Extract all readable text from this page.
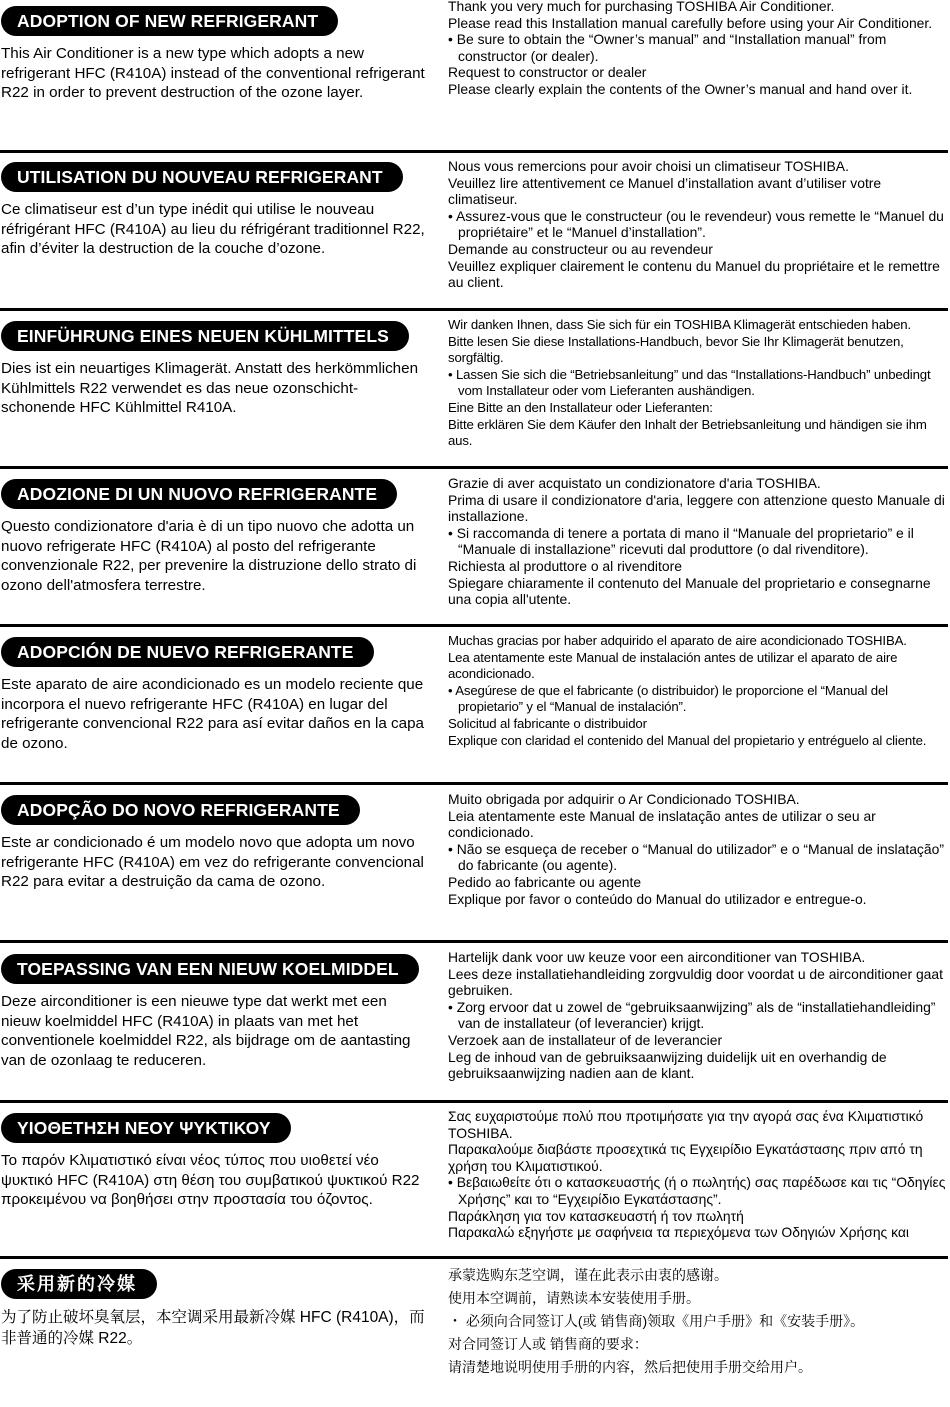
ADOPTION OF NEW REFRIGERANT
This Air Conditioner is a new type which adopts a new refrigerant HFC (R410A) instead of the conventional refrigerant R22 in order to prevent destruction of the ozone layer.
Thank you very much for purchasing TOSHIBA Air Conditioner.
Please read this Installation manual carefully before using your Air Conditioner.
• Be sure to obtain the “Owner’s manual” and “Installation manual” from constructor (or dealer).
Request to constructor or dealer
Please clearly explain the contents of the Owner’s manual and hand over it.
UTILISATION DU NOUVEAU REFRIGERANT
Ce climatiseur est d’un type inédit qui utilise le nouveau réfrigérant HFC (R410A) au lieu du réfrigérant traditionnel R22, afin d’éviter la destruction de la couche d’ozone.
Nous vous remercions pour avoir choisi un climatiseur TOSHIBA.
Veuillez lire attentivement ce Manuel d’installation avant d’utiliser votre climatiseur.
• Assurez-vous que le constructeur (ou le revendeur) vous remette le “Manuel du propriétaire” et le “Manuel d’installation”.
Demande au constructeur ou au revendeur
Veuillez expliquer clairement le contenu du Manuel du propriétaire et le remettre au client.
EINFÜHRUNG EINES NEUEN KÜHLMITTELS
Dies ist ein neuartiges Klimagerät. Anstatt des herkömmlichen Kühlmittels R22 verwendet es das neue ozonschicht-schonende HFC Kühlmittel R410A.
Wir danken Ihnen, dass Sie sich für ein TOSHIBA Klimagerät entschieden haben.
Bitte lesen Sie diese Installations-Handbuch, bevor Sie Ihr Klimagerät benutzen, sorgfältig.
• Lassen Sie sich die “Betriebsanleitung” und das “Installations-Handbuch” unbedingt vom Installateur oder vom Lieferanten aushändigen.
Eine Bitte an den Installateur oder Lieferanten:
Bitte erklären Sie dem Käufer den Inhalt der Betriebsanleitung und händigen sie ihm aus.
ADOZIONE DI UN NUOVO REFRIGERANTE
Questo condizionatore d'aria è di un tipo nuovo che adotta un nuovo refrigerate HFC (R410A) al posto del refrigerante convenzionale R22, per prevenire la distruzione dello strato di ozono dell'atmosfera terrestre.
Grazie di aver acquistato un condizionatore d'aria TOSHIBA.
Prima di usare il condizionatore d'aria, leggere con attenzione questo Manuale di installazione.
• Si raccomanda di tenere a portata di mano il “Manuale del proprietario” e il “Manuale di installazione” ricevuti dal produttore (o dal rivenditore).
Richiesta al produttore o al rivenditore
Spiegare chiaramente il contenuto del Manuale del proprietario e consegnarne una copia all'utente.
ADOPCIÓN DE NUEVO REFRIGERANTE
Este aparato de aire acondicionado es un modelo reciente que incorpora el nuevo refrigerante HFC (R410A) en lugar del refrigerante convencional R22 para así evitar daños en la capa de ozono.
Muchas gracias por haber adquirido el aparato de aire acondicionado TOSHIBA.
Lea atentamente este Manual de instalación antes de utilizar el aparato de aire acondicionado.
• Asegúrese de que el fabricante (o distribuidor) le proporcione el “Manual del propietario” y el “Manual de instalación”.
Solicitud al fabricante o distribuidor
Explique con claridad el contenido del Manual del propietario y entréguelo al cliente.
ADOPÇÃO DO NOVO REFRIGERANTE
Este ar condicionado é um modelo novo que adopta um novo refrigerante HFC (R410A) em vez do refrigerante convencional R22 para evitar a destruição da cama de ozono.
Muito obrigada por adquirir o Ar Condicionado TOSHIBA.
Leia atentamente este Manual de inslatação antes de utilizar o seu ar condicionado.
• Não se esqueça de receber o “Manual do utilizador” e o “Manual de inslatação” do fabricante (ou agente).
Pedido ao fabricante ou agente
Explique por favor o conteúdo do Manual do utilizador e entregue-o.
TOEPASSING VAN EEN NIEUW KOELMIDDEL
Deze airconditioner is een nieuwe type dat werkt met een nieuw koelmiddel HFC (R410A) in plaats van met het conventionele koelmiddel R22, als bijdrage om de aantasting van de ozonlaag te reduceren.
Hartelijk dank voor uw keuze voor een airconditioner van TOSHIBA.
Lees deze installatiehandleiding zorgvuldig door voordat u de airconditioner gaat gebruiken.
• Zorg ervoor dat u zowel de “gebruiksaanwijzing” als de “installatiehandleiding” van de installateur (of leverancier) krijgt.
Verzoek aan de installateur of de leverancier
Leg de inhoud van de gebruiksaanwijzing duidelijk uit en overhandig de gebruiksaanwijzing nadien aan de klant.
ΥΙΟΘΕΤΗΣΗ ΝΕΟΥ ΨΥΚΤΙΚΟΥ
Το παρόν Κλιματιστικό είναι νέος τύπος που υιοθετεί νέο ψυκτικό HFC (R410A) στη θέση του συμβατικού ψυκτικού R22 προκειμένου να βοηθήσει στην προστασία του όζοντος.
Σας ευχαριστούμε πολύ που προτιμήσατε για την αγορά σας ένα Κλιματιστικό TOSHIBA.
Παρακαλούμε διαβάστε προσεχτικά τις Εγχειρίδιο Εγκατάστασης πριν από τη χρήση του Κλιματιστικού.
• Βεβαιωθείτε ότι ο κατασκευαστής (ή ο πωλητής) σας παρέδωσε και τις “Οδηγίες Χρήσης” και το “Εγχειρίδιο Εγκατάστασης”.
Παράκληση για τον κατασκευαστή ή τον πωλητή
Παρακαλώ εξηγήστε με σαφήνεια τα περιεχόμενα των Οδηγιών Χρήσης και
采用新的冷媒
为了防止破坏臭氧层，本空调采用最新冷媒 HFC (R410A)，而非普通的冷媒 R22。
承蒙选购东芝空调，谨在此表示由衷的感谢。
使用本空调前，请熟读本安装使用手册。
・ 必须向合同签订人(或 销售商)领取《用户手册》和《安装手册》。
对合同签订人或 销售商的要求：
请清楚地说明使用手册的内容，然后把使用手册交给用户。
